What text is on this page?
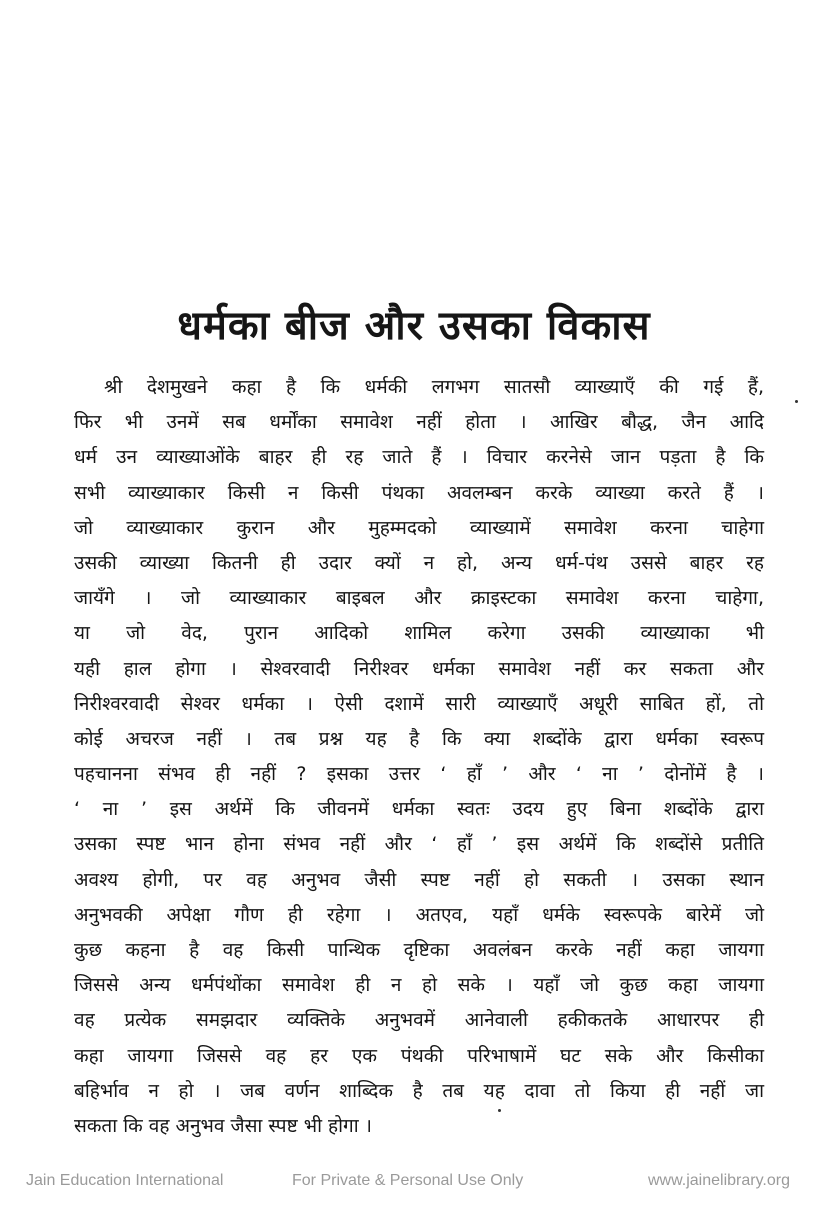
धर्मका बीज और उसका विकास
श्री देशमुखने कहा है कि धर्मकी लगभग सातसौ व्याख्याएँ की गई हैं,
फिर भी उनमें सब धर्मोंका समावेश नहीं होता । आखिर बौद्ध, जैन आदि
धर्म उन व्याख्याओंके बाहर ही रह जाते हैं । विचार करनेसे जान पड़ता है कि
सभी व्याख्याकार किसी न किसी पंथका अवलम्बन करके व्याख्या करते हैं ।
जो व्याख्याकार कुरान और मुहम्मदको व्याख्यामें समावेश करना चाहेगा
उसकी व्याख्या कितनी ही उदार क्यों न हो, अन्य धर्म-पंथ उससे बाहर रह
जायँगे । जो व्याख्याकार बाइबल और क्राइस्टका समावेश करना चाहेगा,
या जो वेद, पुरान आदिको शामिल करेगा उसकी व्याख्याका भी
यही हाल होगा । सेश्वरवादी निरीश्वर धर्मका समावेश नहीं कर सकता और
निरीश्वरवादी सेश्वर धर्मका । ऐसी दशामें सारी व्याख्याएँ अधूरी साबित हों, तो
कोई अचरज नहीं । तब प्रश्न यह है कि क्या शब्दोंके द्वारा धर्मका स्वरूप
पहचानना संभव ही नहीं ? इसका उत्तर ‘ हाँ ’ और ‘ ना ’ दोनोंमें है ।
‘ ना ’ इस अर्थमें कि जीवनमें धर्मका स्वतः उदय हुए बिना शब्दोंके द्वारा
उसका स्पष्ट भान होना संभव नहीं और ‘ हाँ ’ इस अर्थमें कि शब्दोंसे प्रतीति
अवश्य होगी, पर वह अनुभव जैसी स्पष्ट नहीं हो सकती । उसका स्थान
अनुभवकी अपेक्षा गौण ही रहेगा । अतएव, यहाँ धर्मके स्वरूपके बारेमें जो
कुछ कहना है वह किसी पान्थिक दृष्टिका अवलंबन करके नहीं कहा जायगा
जिससे अन्य धर्मपंथोंका समावेश ही न हो सके । यहाँ जो कुछ कहा जायगा
वह प्रत्येक समझदार व्यक्तिके अनुभवमें आनेवाली हकीकतके आधारपर ही
कहा जायगा जिससे वह हर एक पंथकी परिभाषामें घट सके और किसीका
बहिर्भाव न हो । जब वर्णन शाब्दिक है तब यह दावा तो किया ही नहीं जा
सकता कि वह अनुभव जैसा स्पष्ट भी होगा ।
Jain Education International	For Private & Personal Use Only	www.jainelibrary.org
